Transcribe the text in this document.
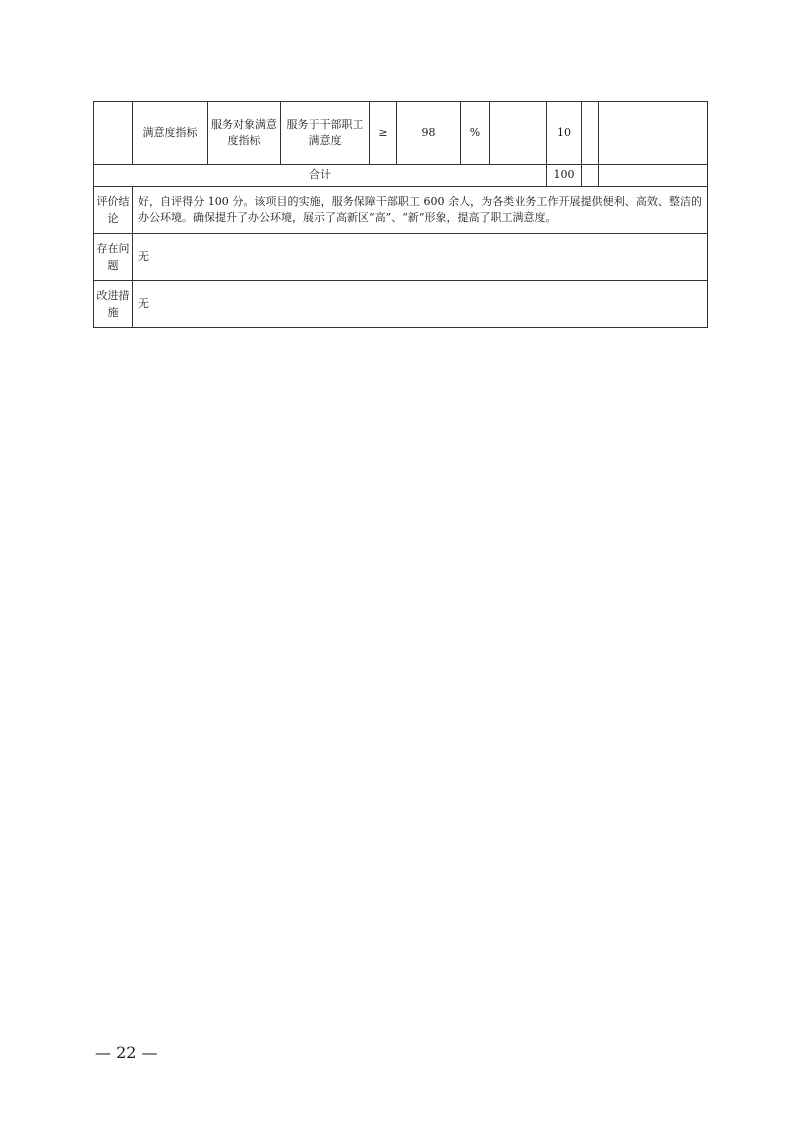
	满意度指标	服务对象满意度指标	服务于干部职工满意度	≥	98	%		10		
合计								100		
评价结论	好，自评得分 100 分。该项目的实施，服务保障干部职工 600 余人，为各类业务工作开展提供便利、高效、整洁的办公环境。确保提升了办公环境，展示了高新区“高”、“新”形象，提高了职工满意度。									
存在问题	无									
改进措施	无									
— 22 —
